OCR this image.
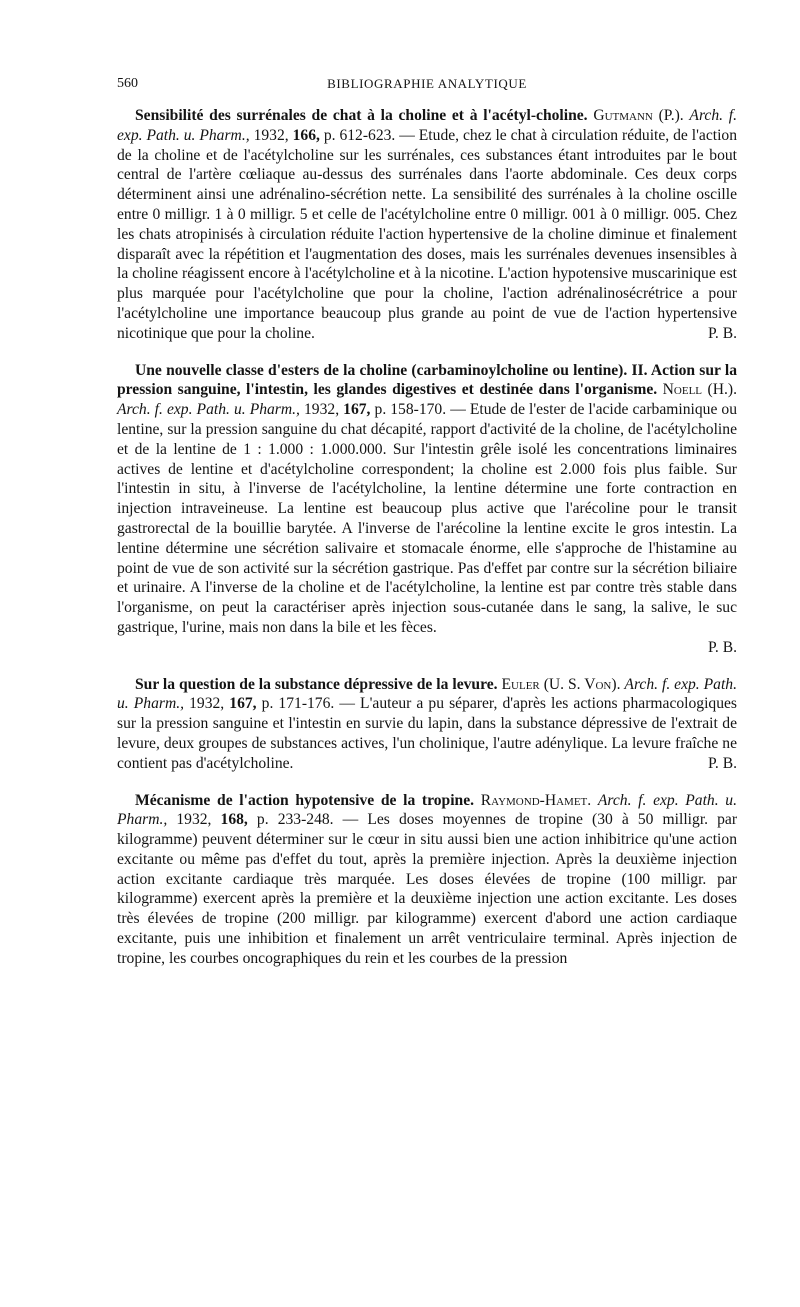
560	BIBLIOGRAPHIE ANALYTIQUE

Sensibilité des surrénales de chat à la choline et à l'acétyl-choline. Gutmann (P.). Arch. f. exp. Path. u. Pharm., 1932, 166, p. 612-623. — Etude, chez le chat à circulation réduite, de l'action de la choline et de l'acétylcholine sur les surrénales, ces substances étant introduites par le bout central de l'artère cœliaque au-dessus des surrénales dans l'aorte abdominale. Ces deux corps déterminent ainsi une adrénalino-sécrétion nette. La sensibilité des surrénales à la choline oscille entre 0 milligr. 1 à 0 milligr. 5 et celle de l'acétylcholine entre 0 milligr. 001 à 0 milligr. 005. Chez les chats atropinisés à circulation réduite l'action hypertensive de la choline diminue et finalement disparaît avec la répétition et l'augmentation des doses, mais les surrénales devenues insensibles à la choline réagissent encore à l'acétylcholine et à la nicotine. L'action hypotensive muscarinique est plus marquée pour l'acétylcholine que pour la choline, l'action adrénalinosécrétrice a pour l'acétylcholine une importance beaucoup plus grande au point de vue de l'action hypertensive nicotinique que pour la choline.	P. B.

Une nouvelle classe d'esters de la choline (carbaminoylcholine ou lentine). II. Action sur la pression sanguine, l'intestin, les glandes digestives et destinée dans l'organisme. Noell (H.). Arch. f. exp. Path. u. Pharm., 1932, 167, p. 158-170. — Etude de l'ester de l'acide carbaminique ou lentine, sur la pression sanguine du chat décapité, rapport d'activité de la choline, de l'acétylcholine et de la lentine de 1 : 1.000 : 1.000.000. Sur l'intestin grêle isolé les concentrations liminaires actives de lentine et d'acétylcholine correspondent; la choline est 2.000 fois plus faible. Sur l'intestin in situ, à l'inverse de l'acétylcholine, la lentine détermine une forte contraction en injection intraveineuse. La lentine est beaucoup plus active que l'arécoline pour le transit gastrorectal de la bouillie barytée. A l'inverse de l'arécoline la lentine excite le gros intestin. La lentine détermine une sécrétion salivaire et stomacale énorme, elle s'approche de l'histamine au point de vue de son activité sur la sécrétion gastrique. Pas d'effet par contre sur la sécrétion biliaire et urinaire. A l'inverse de la choline et de l'acétylcholine, la lentine est par contre très stable dans l'organisme, on peut la caractériser après injection sous-cutanée dans le sang, la salive, le suc gastrique, l'urine, mais non dans la bile et les fèces.

P. B.

Sur la question de la substance dépressive de la levure. Euler (U. S. Von). Arch. f. exp. Path. u. Pharm., 1932, 167, p. 171-176. — L'auteur a pu séparer, d'après les actions pharmacologiques sur la pression sanguine et l'intestin en survie du lapin, dans la substance dépressive de l'extrait de levure, deux groupes de substances actives, l'un cholinique, l'autre adénylique. La levure fraîche ne contient pas d'acétylcholine.	P. B.

Mécanisme de l'action hypotensive de la tropine. Raymond-Hamet. Arch. f. exp. Path. u. Pharm., 1932, 168, p. 233-248. — Les doses moyennes de tropine (30 à 50 milligr. par kilogramme) peuvent déterminer sur le cœur in situ aussi bien une action inhibitrice qu'une action excitante ou même pas d'effet du tout, après la première injection. Après la deuxième injection action excitante cardiaque très marquée. Les doses élevées de tropine (100 milligr. par kilogramme) exercent après la première et la deuxième injection une action excitante. Les doses très élevées de tropine (200 milligr. par kilogramme) exercent d'abord une action cardiaque excitante, puis une inhibition et finalement un arrêt ventriculaire terminal. Après injection de tropine, les courbes oncographiques du rein et les courbes de la pression
